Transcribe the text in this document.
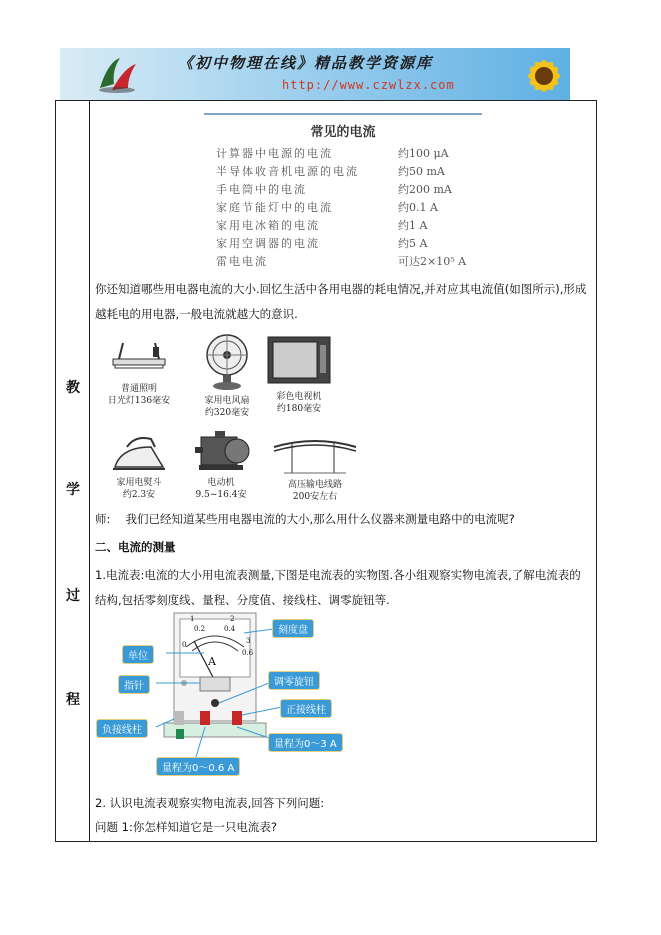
《初中物理在线》精品教学资源库
http://www.czwlzx.com
教
学
过
程
常见的电流
计算器中电源的电流	约100 μA
半导体收音机电源的电流	约50 mA
手电筒中的电流	约200 mA
家庭节能灯中的电流	约0.1 A
家用电冰箱的电流	约1 A
家用空调器的电流	约5 A
雷电电流	可达2×10⁵ A
你还知道哪些用电器电流的大小.回忆生活中各用电器的耗电情况,并对应其电流值(如图所示),形成越耗电的用电器,一般电流就越大的意识.
普通照明
日光灯136毫安	家用电风扇
约320毫安
彩色电视机
约180毫安
家用电熨斗
约2.3安
电动机
9.5~16.4安
高压输电线路
200安左右
师:　 我们已经知道某些用电器电流的大小,那么用什么仪器来测量电路中的电流呢?
二、电流的测量
1.电流表:电流的大小用电流表测量,下图是电流表的实物图.各小组观察实物电流表,了解电流表的结构,包括零刻度线、量程、分度值、接线柱、调零旋钮等.
1	2
0.2	0.4
0	3
0.6
A
刻度盘
单位
指针	调零旋钮
正接线柱
负接线柱
量程为0～3 A
量程为0～0.6 A
2. 认识电流表观察实物电流表,回答下列问题:
问题 1:你怎样知道它是一只电流表?
